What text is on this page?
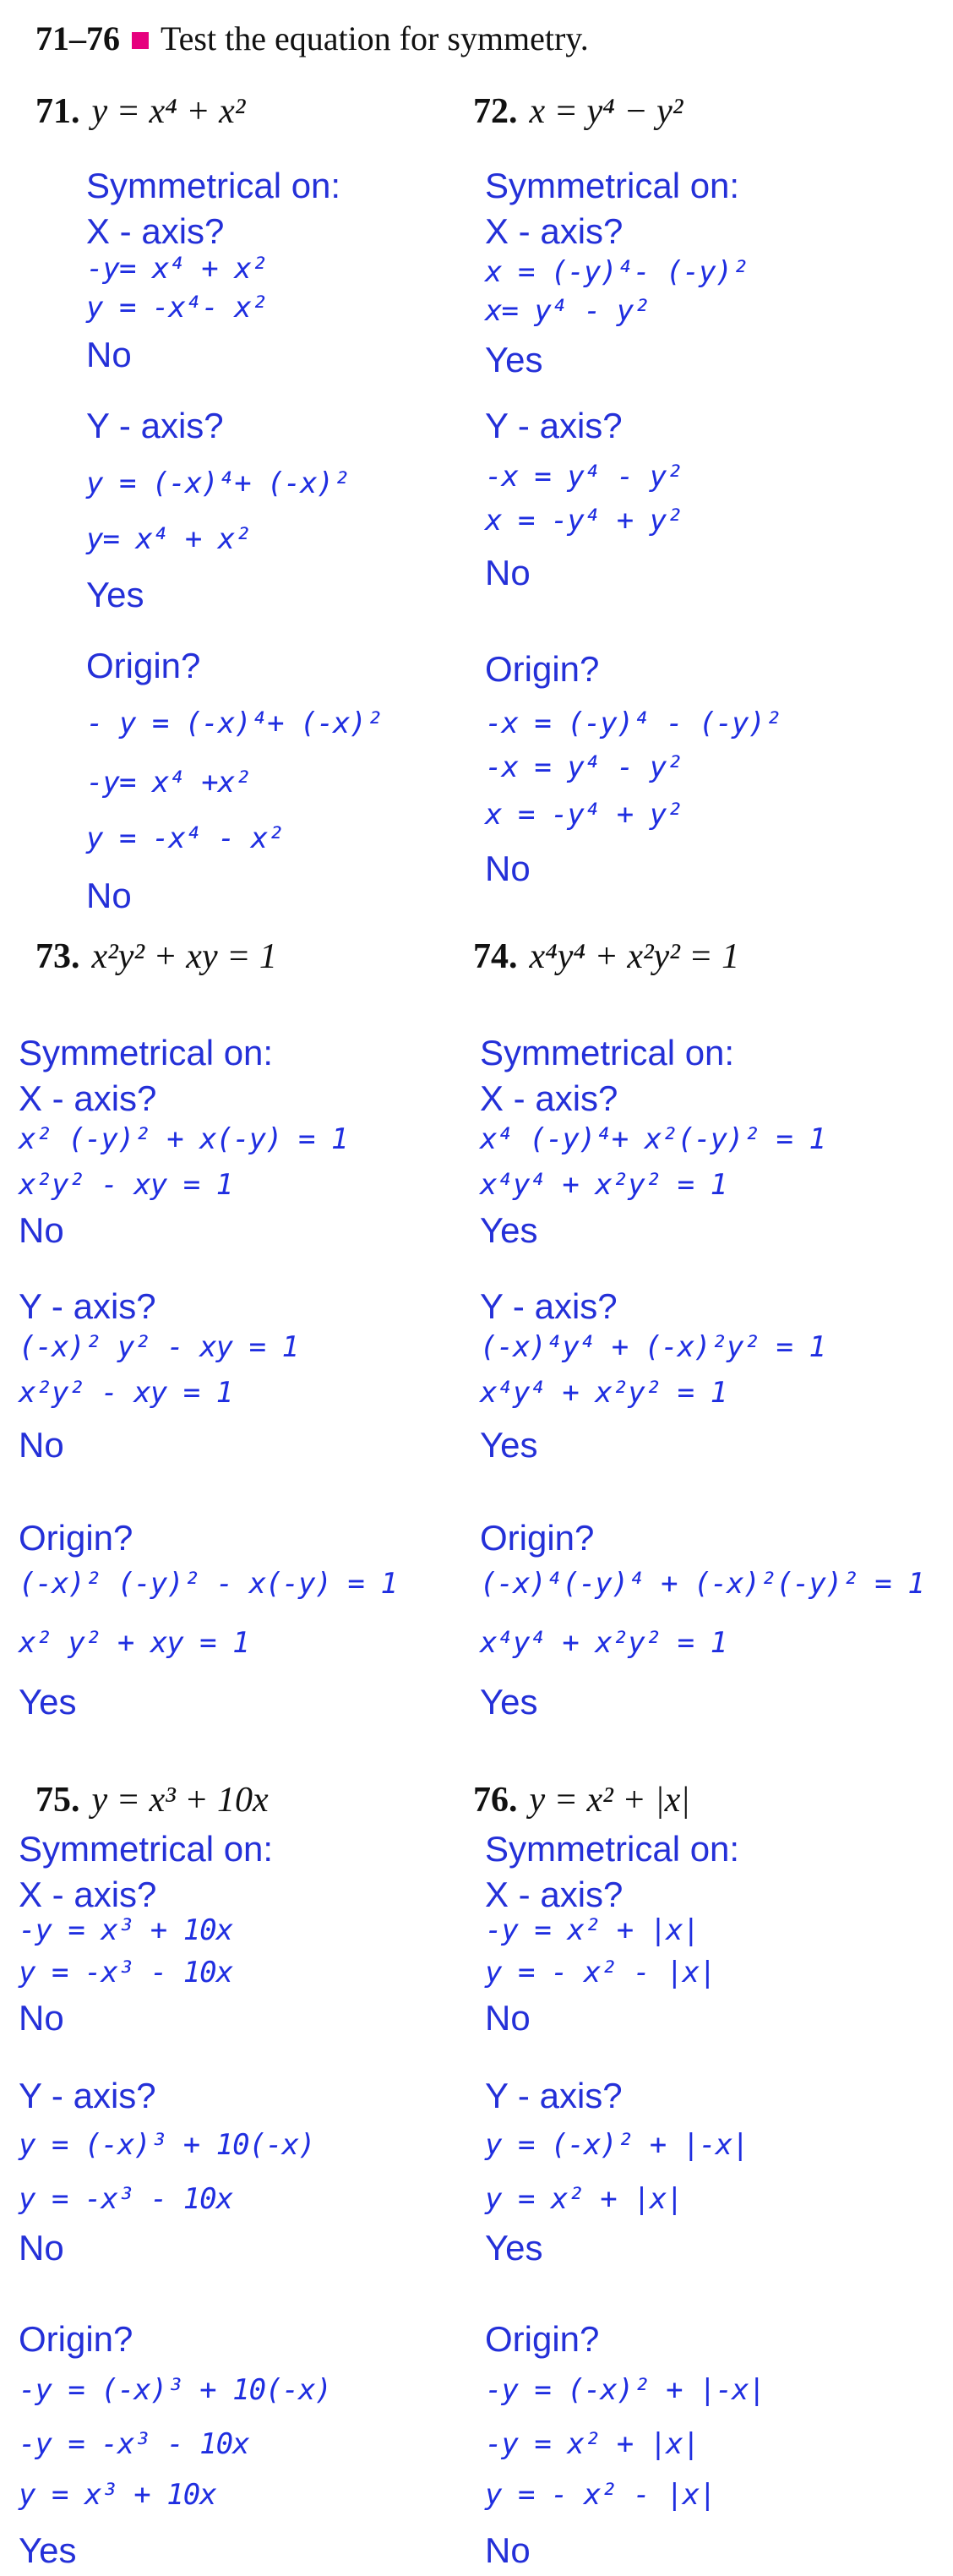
71–76 Test the equation for symmetry.
71. y = x⁴ + x²	72. x = y⁴ − y²
73. x²y² + xy = 1	74. x⁴y⁴ + x²y² = 1
75. y = x³ + 10x	76. y = x² + |x|
Symmetrical on:
X - axis?
-y= x⁴ + x²
y = -x⁴- x²
No
Y - axis?
y = (-x)⁴+ (-x)²
y= x⁴ + x²
Yes
Origin?
- y = (-x)⁴+ (-x)²
-y= x⁴ +x²
y = -x⁴ - x²
No
Symmetrical on:
X - axis?
x = (-y)⁴- (-y)²
x= y⁴ - y²
Yes
Y - axis?
-x = y⁴ - y²
x = -y⁴ + y²
No
Origin?
-x = (-y)⁴ - (-y)²
-x = y⁴ - y²
x = -y⁴ + y²
No
Symmetrical on:
X - axis?
x² (-y)² + x(-y) = 1
x²y² - xy = 1
No
Y - axis?
(-x)² y² - xy = 1
x²y² - xy = 1
No
Origin?
(-x)² (-y)² - x(-y) = 1
x² y² + xy = 1
Yes
Symmetrical on:
X - axis?
x⁴ (-y)⁴+ x²(-y)² = 1
x⁴y⁴ + x²y² = 1
Yes
Y - axis?
(-x)⁴y⁴ + (-x)²y² = 1
x⁴y⁴ + x²y² = 1
Yes
Origin?
(-x)⁴(-y)⁴ + (-x)²(-y)² = 1
x⁴y⁴ + x²y² = 1
Yes
Symmetrical on:
X - axis?
-y = x³ + 10x
y = -x³ - 10x
No
Y - axis?
y = (-x)³ + 10(-x)
y = -x³ - 10x
No
Origin?
-y = (-x)³ + 10(-x)
-y = -x³ - 10x
y = x³ + 10x
Yes
Symmetrical on:
X - axis?
-y = x² + |x|
y = - x² - |x|
No
Y - axis?
y = (-x)² + |-x|
y = x² + |x|
Yes
Origin?
-y = (-x)² + |-x|
-y = x² + |x|
y = - x² - |x|
No
